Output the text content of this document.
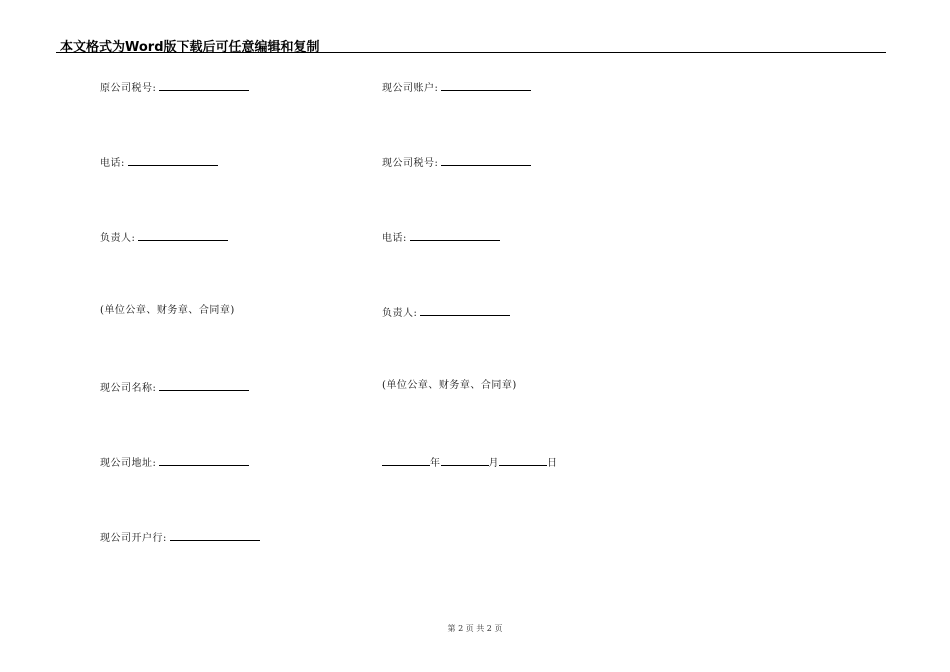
本文格式为Word版下载后可任意编辑和复制
原公司税号:
电话:
负责人:
(单位公章、财务章、合同章)
现公司名称:
现公司地址:
现公司开户行:
现公司账户:
现公司税号:
电话:
负责人:
(单位公章、财务章、合同章)
年	月	日
第 2 页 共 2 页
